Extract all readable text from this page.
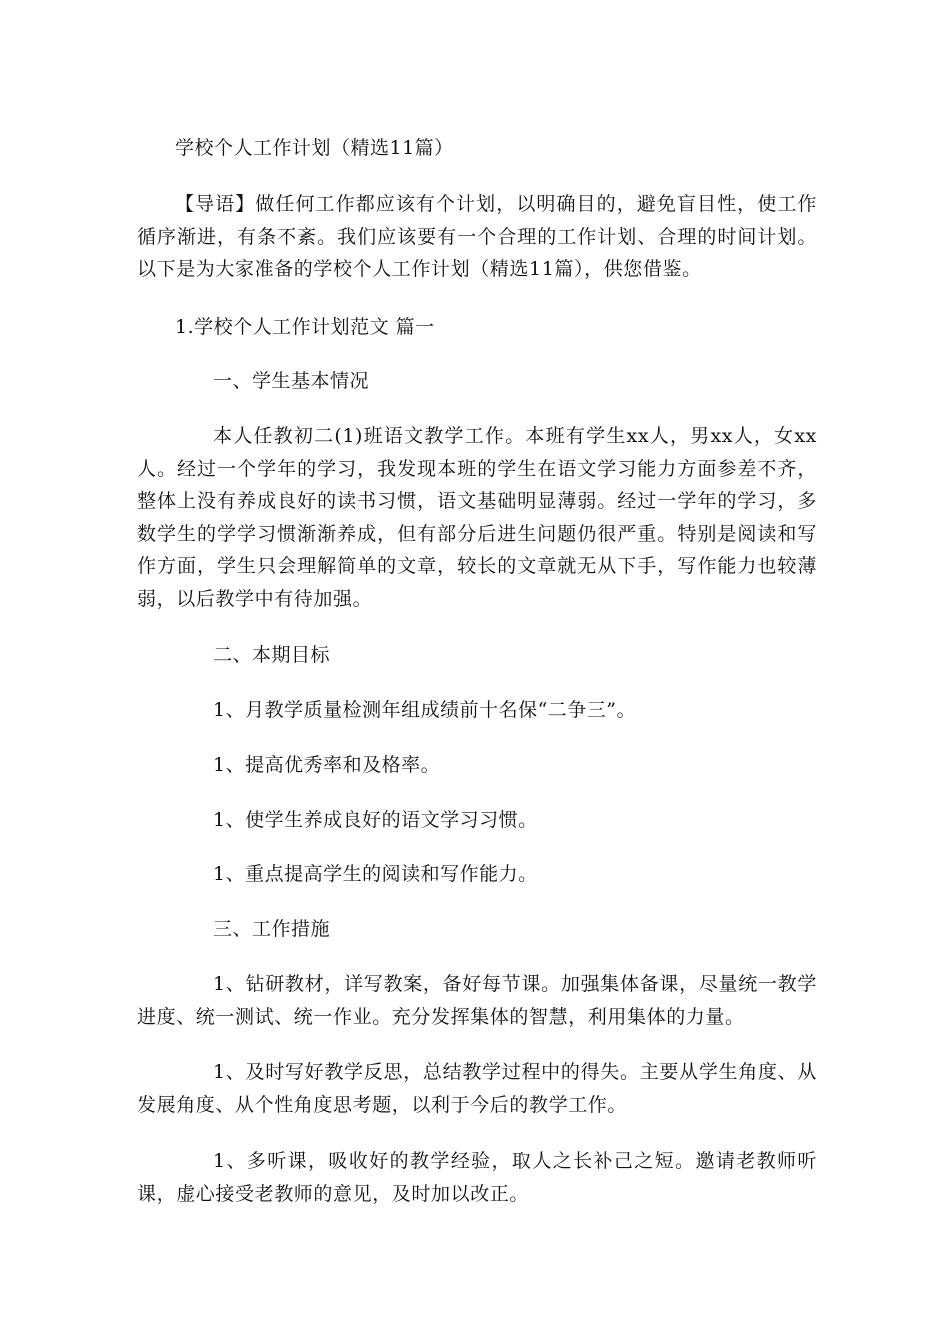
学校个人工作计划（精选11篇）
【导语】做任何工作都应该有个计划，以明确目的，避免盲目性，使工作循序渐进，有条不紊。我们应该要有一个合理的工作计划、合理的时间计划。以下是为大家准备的学校个人工作计划（精选11篇），供您借鉴。
1.学校个人工作计划范文 篇一
一、学生基本情况
本人任教初二(1)班语文教学工作。本班有学生xx人，男xx人，女xx人。经过一个学年的学习，我发现本班的学生在语文学习能力方面参差不齐，整体上没有养成良好的读书习惯，语文基础明显薄弱。经过一学年的学习，多数学生的学学习惯渐渐养成，但有部分后进生问题仍很严重。特别是阅读和写作方面，学生只会理解简单的文章，较长的文章就无从下手，写作能力也较薄弱，以后教学中有待加强。
二、本期目标
1、月教学质量检测年组成绩前十名保“二争三”。
1、提高优秀率和及格率。
1、使学生养成良好的语文学习习惯。
1、重点提高学生的阅读和写作能力。
三、工作措施
1、钻研教材，详写教案，备好每节课。加强集体备课，尽量统一教学进度、统一测试、统一作业。充分发挥集体的智慧，利用集体的力量。
1、及时写好教学反思，总结教学过程中的得失。主要从学生角度、从发展角度、从个性角度思考题，以利于今后的教学工作。
1、多听课，吸收好的教学经验，取人之长补己之短。邀请老教师听课，虚心接受老教师的意见，及时加以改正。
